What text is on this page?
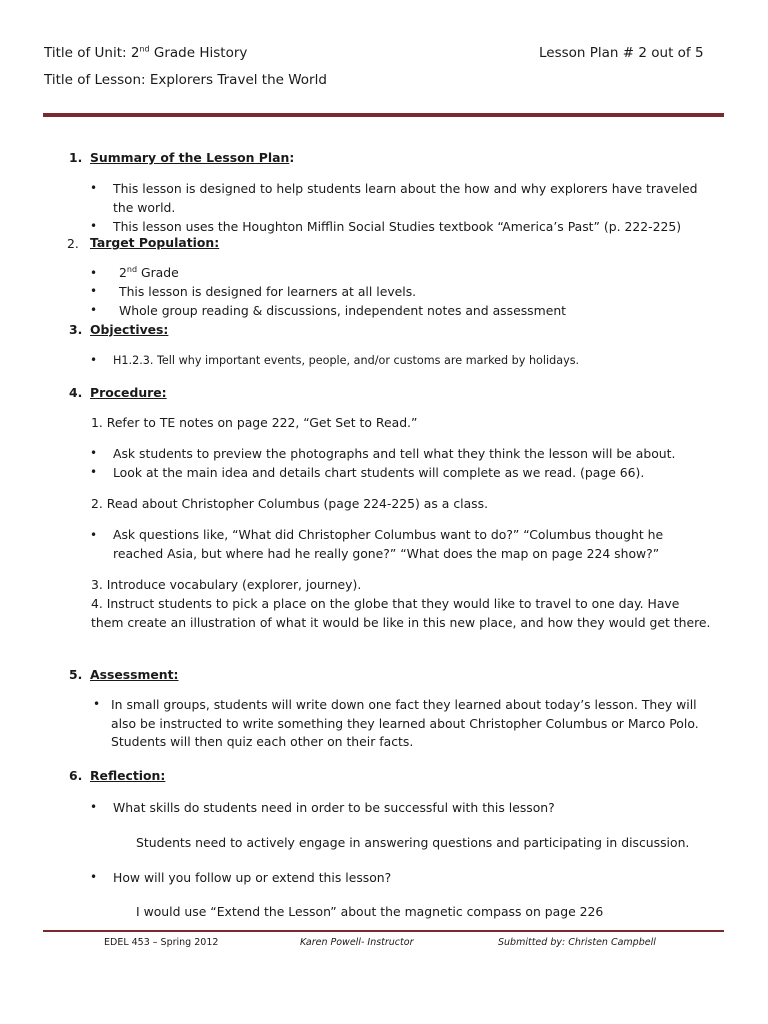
Title of Unit: 2nd Grade History	Lesson Plan # 2 out of 5
Title of Lesson: Explorers Travel the World
1. Summary of the Lesson Plan:
• This lesson is designed to help students learn about the how and why explorers have traveled the world.
• This lesson uses the Houghton Mifflin Social Studies textbook “America’s Past” (p. 222-225)
2. Target Population:
• 2nd Grade
• This lesson is designed for learners at all levels.
• Whole group reading & discussions, independent notes and assessment
3. Objectives:
• H1.2.3. Tell why important events, people, and/or customs are marked by holidays.
4. Procedure:
1. Refer to TE notes on page 222, “Get Set to Read.”
• Ask students to preview the photographs and tell what they think the lesson will be about.
• Look at the main idea and details chart students will complete as we read. (page 66).
2. Read about Christopher Columbus (page 224-225) as a class.
• Ask questions like, “What did Christopher Columbus want to do?” “Columbus thought he reached Asia, but where had he really gone?” “What does the map on page 224 show?”
3. Introduce vocabulary (explorer, journey).
4. Instruct students to pick a place on the globe that they would like to travel to one day. Have them create an illustration of what it would be like in this new place, and how they would get there.
5. Assessment:
• In small groups, students will write down one fact they learned about today’s lesson. They will also be instructed to write something they learned about Christopher Columbus or Marco Polo. Students will then quiz each other on their facts.
6. Reflection:
• What skills do students need in order to be successful with this lesson?
Students need to actively engage in answering questions and participating in discussion.
• How will you follow up or extend this lesson?
I would use “Extend the Lesson” about the magnetic compass on page 226
EDEL 453 – Spring 2012	Karen Powell- Instructor	Submitted by: Christen Campbell
